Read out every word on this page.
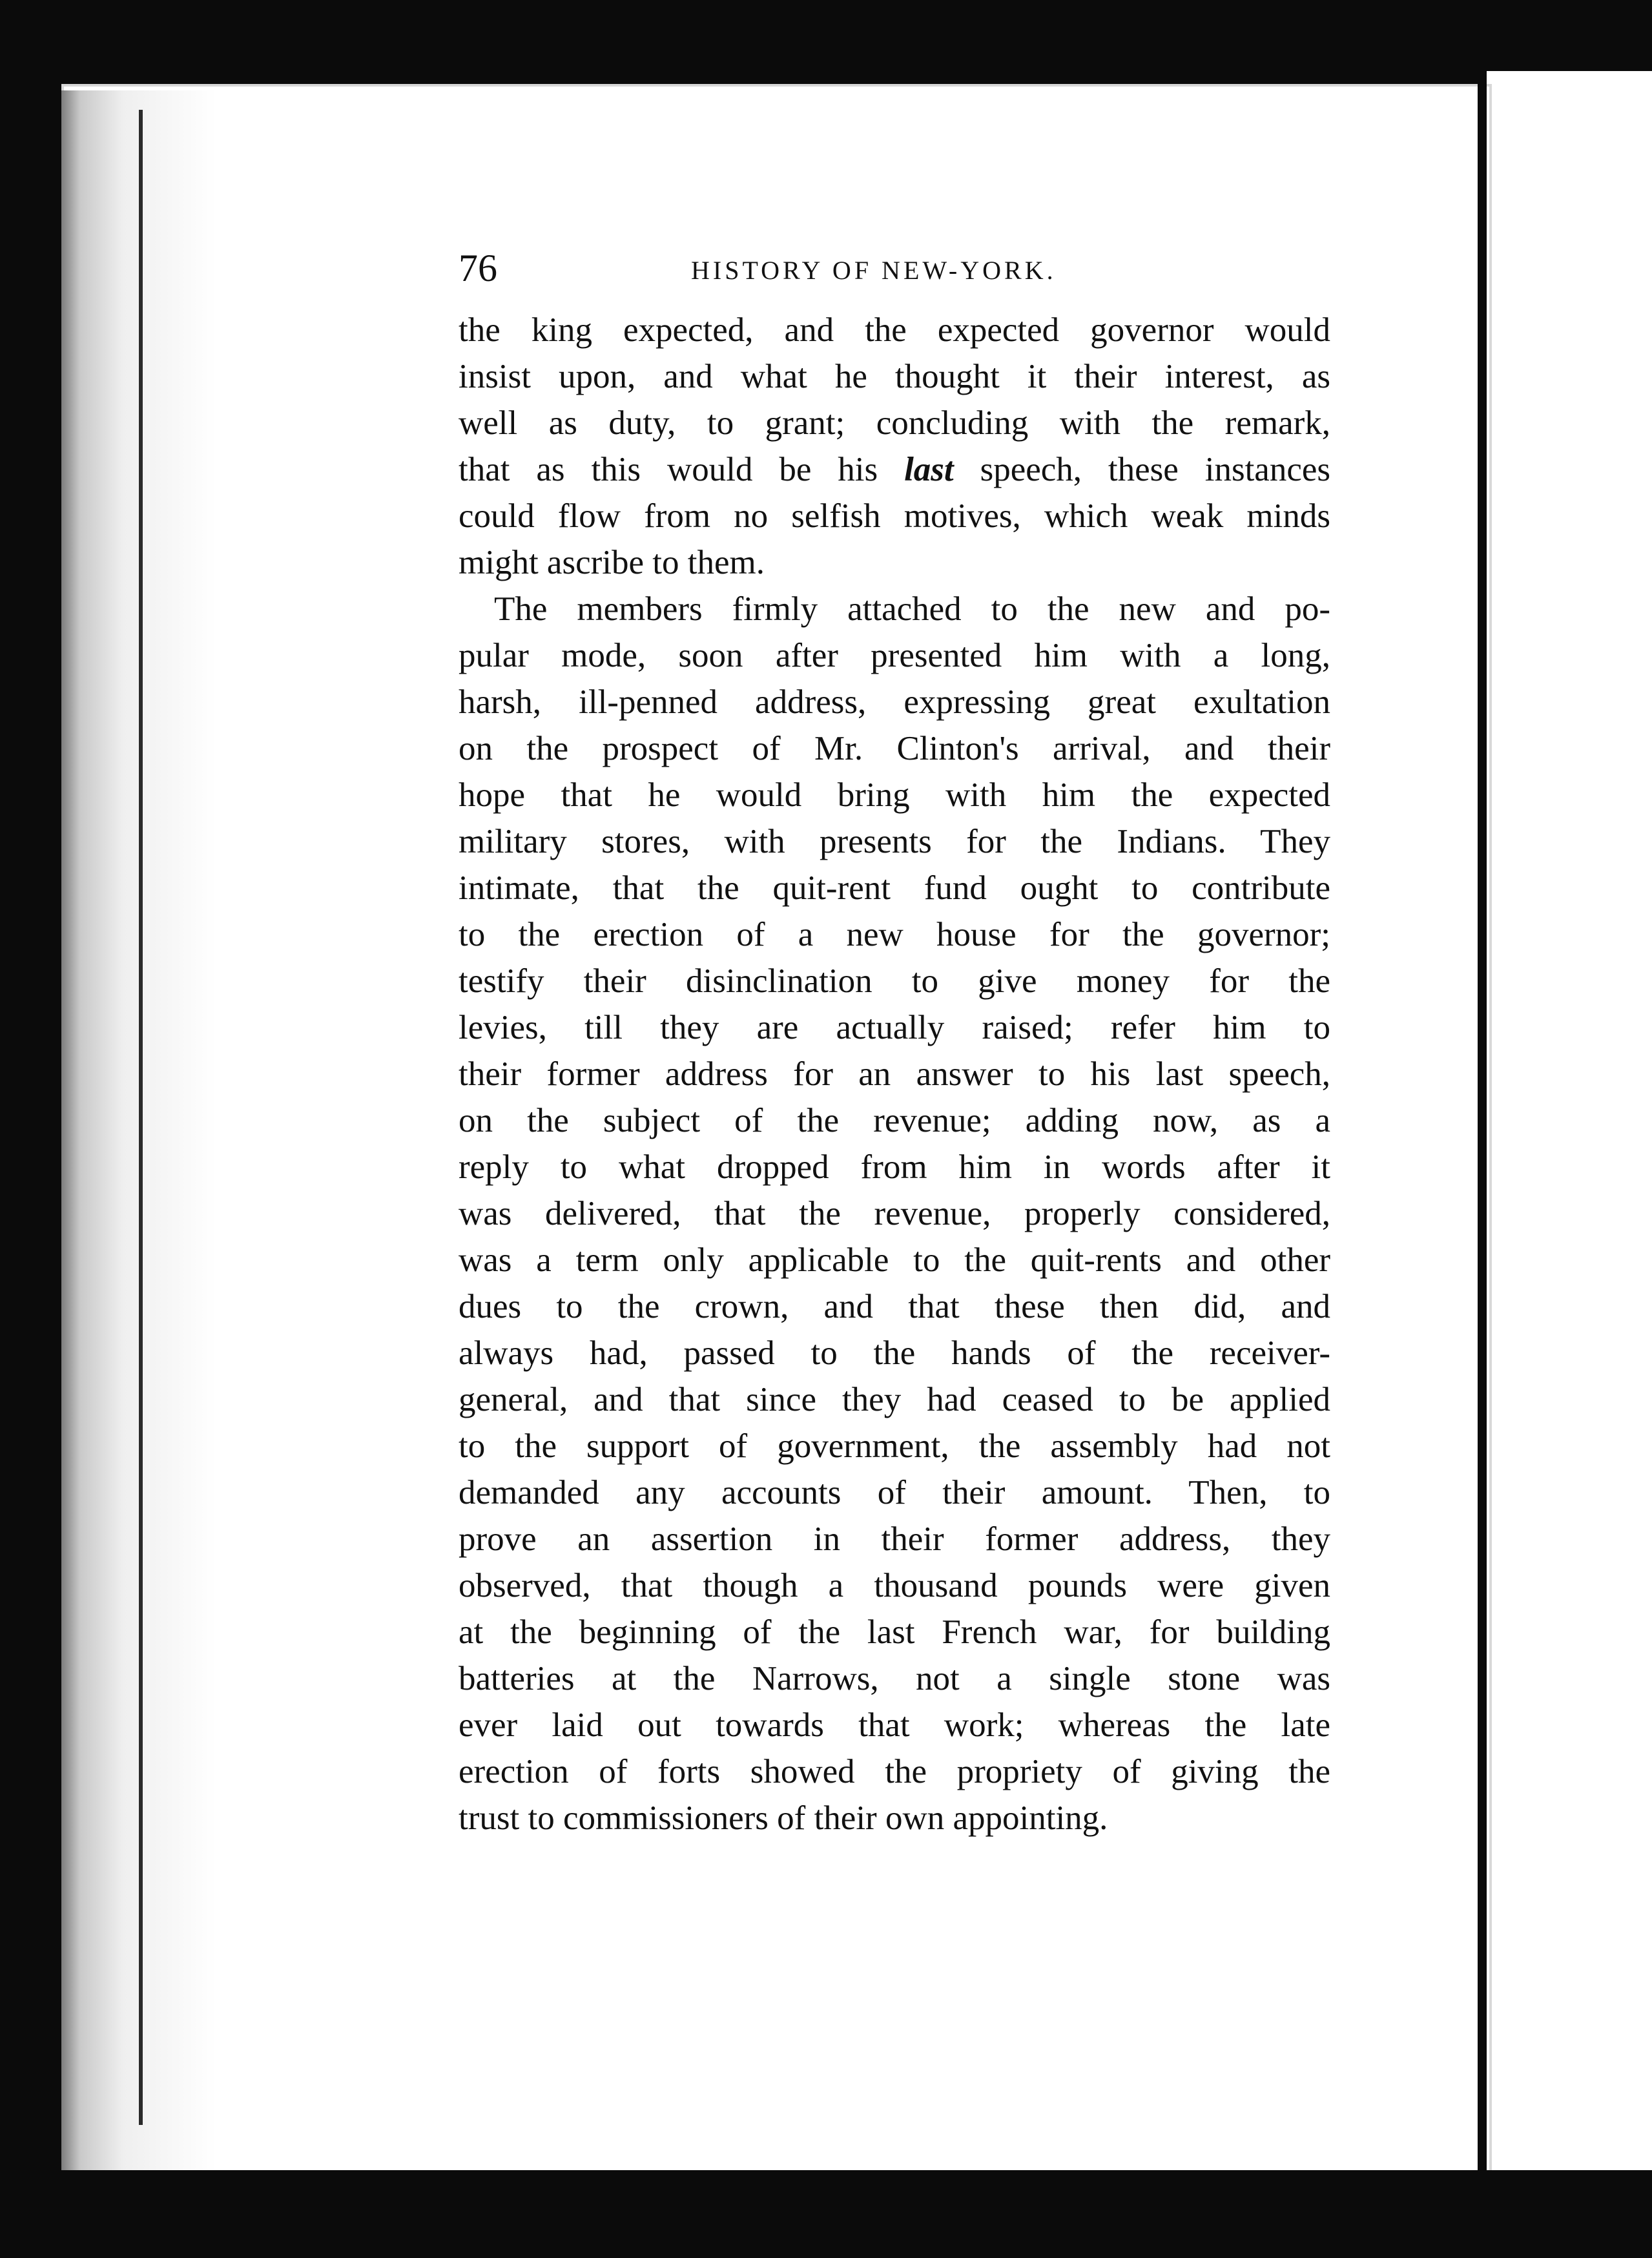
76	HISTORY OF NEW-YORK.
the king expected, and the expected governor would
insist upon, and what he thought it their interest, as
well as duty, to grant; concluding with the remark,
that as this would be his last speech, these instances
could flow from no selfish motives, which weak minds
might ascribe to them.
The members firmly attached to the new and po-
pular mode, soon after presented him with a long,
harsh, ill-penned address, expressing great exultation
on the prospect of Mr. Clinton's arrival, and their
hope that he would bring with him the expected
military stores, with presents for the Indians. They
intimate, that the quit-rent fund ought to contribute
to the erection of a new house for the governor;
testify their disinclination to give money for the
levies, till they are actually raised; refer him to
their former address for an answer to his last speech,
on the subject of the revenue; adding now, as a
reply to what dropped from him in words after it
was delivered, that the revenue, properly considered,
was a term only applicable to the quit-rents and other
dues to the crown, and that these then did, and
always had, passed to the hands of the receiver-
general, and that since they had ceased to be applied
to the support of government, the assembly had not
demanded any accounts of their amount. Then, to
prove an assertion in their former address, they
observed, that though a thousand pounds were given
at the beginning of the last French war, for building
batteries at the Narrows, not a single stone was
ever laid out towards that work; whereas the late
erection of forts showed the propriety of giving the
trust to commissioners of their own appointing.
